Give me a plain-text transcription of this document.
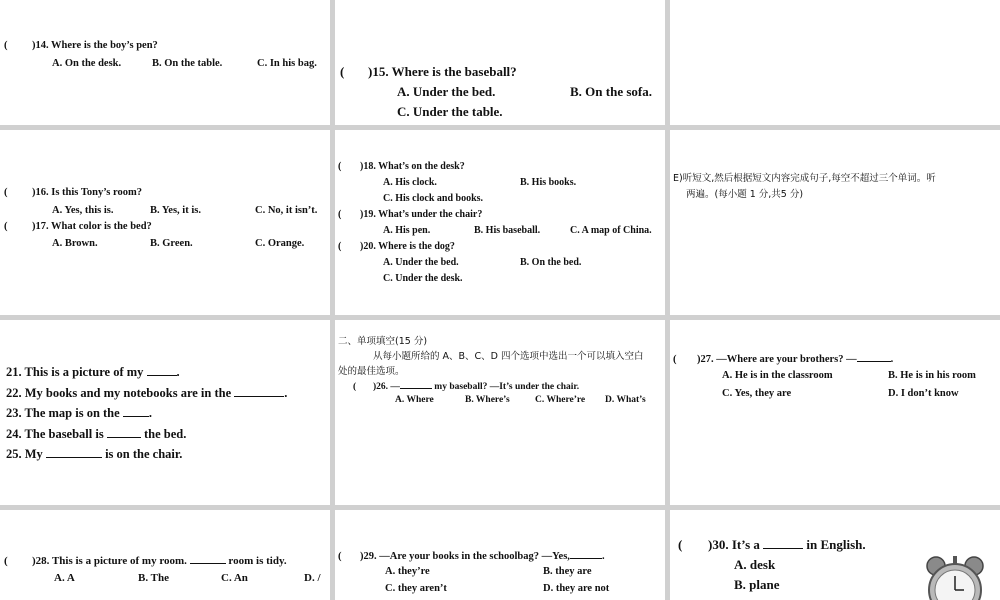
( )14. Where is the boy’s pen?
A. On the desk.	B. On the table.	C. In his bag.
( )15. Where is the baseball?
A. Under the bed.	B. On the sofa.
C. Under the table.
( )16. Is this Tony’s room?
A. Yes, this is.	B. Yes, it is.	C. No, it isn’t.
( )17. What color is the bed?
A. Brown.	B. Green.	C. Orange.
( )18. What’s on the desk?
A. His clock.	B. His books.
C. His clock and books.
( )19. What’s under the chair?
A. His pen.	B. His baseball.	C. A map of China.
( )20. Where is the dog?
A. Under the bed.	B. On the bed.
C. Under the desk.
E)听短文,然后根据短文内容完成句子,每空不超过三个单词。听
两遍。(每小题 1 分,共5 分)
21. This is a picture of my	.
22. My books and my notebooks are in the	.
23. The map is on the .
24. The baseball is	the bed.
25. My	is on the chair.
二、单项填空(15 分)
从每小题所给的 A、B、C、D 四个选项中选出一个可以填入空白
处的最佳选项。
( )26. —	my baseball? —It’s under the chair.
A. Where	B. Where’s	C. Where’re D. What’s
( )27. —Where are your brothers? —	.
A. He is in the classroom	B. He is in his room
C. Yes, they are	D. I don’t know
( )28. This is a picture of my room.	room is tidy.
A. A	B. The	C. An	D. /
( )29. —Are your books in the schoolbag? —Yes,	.
A. they’re	B. they are
C. they aren’t	D. they are not
( )30. It’s a	in English.
A. desk
B. plane
